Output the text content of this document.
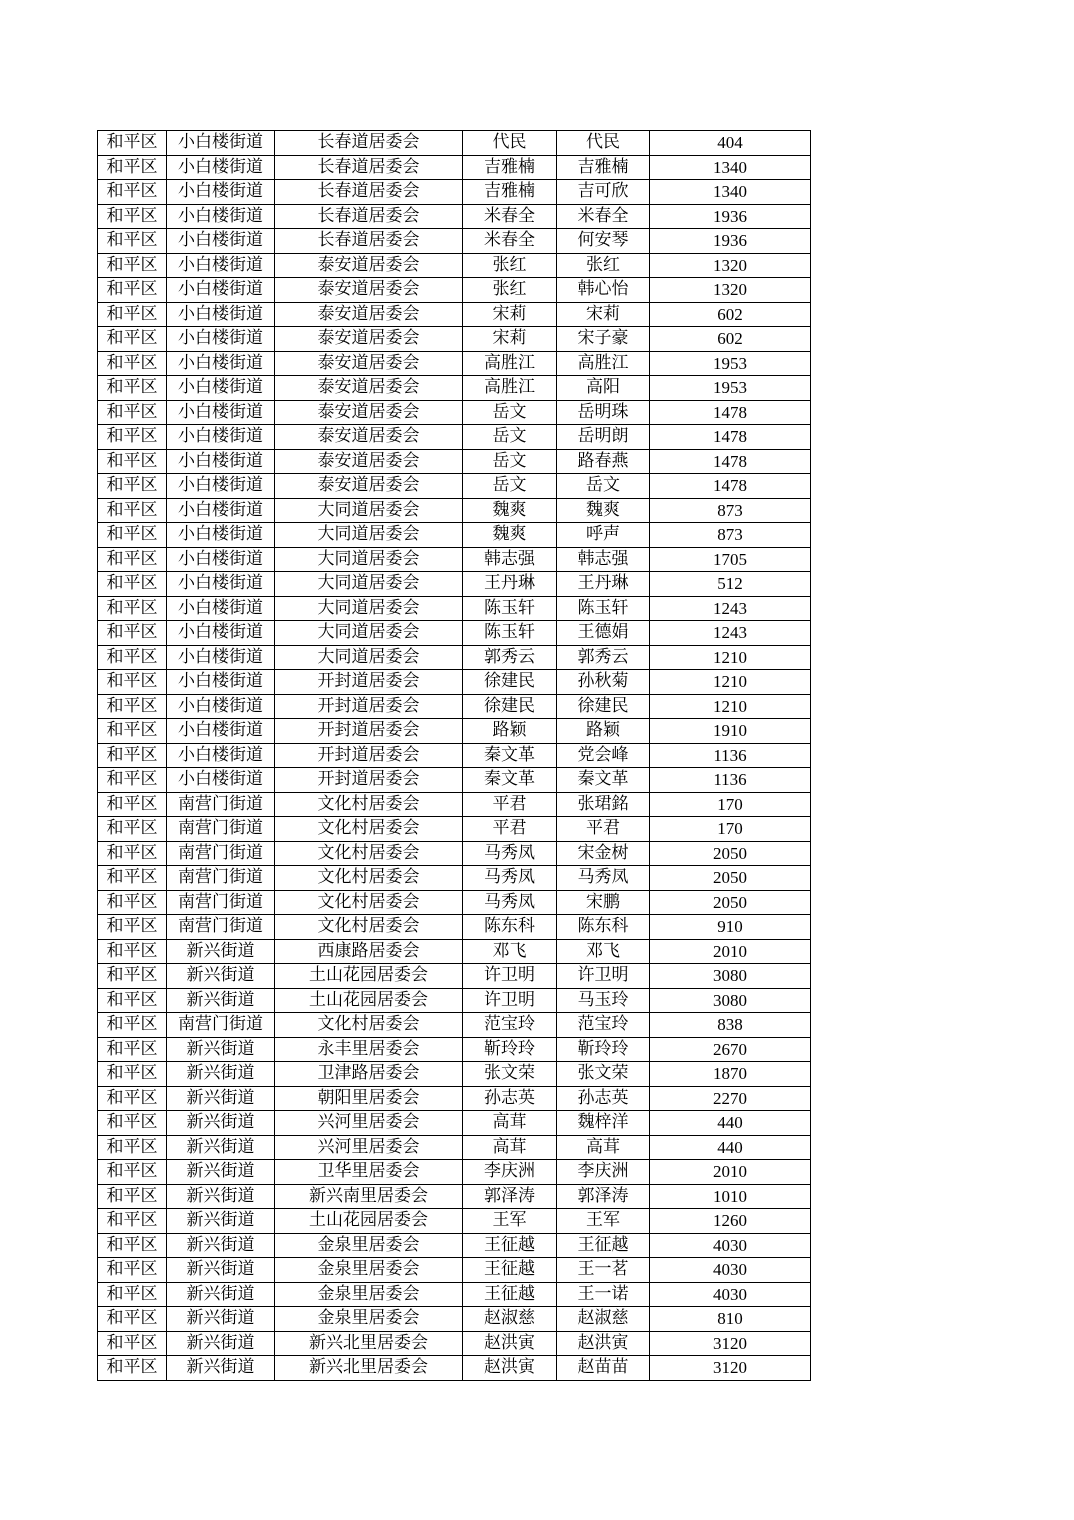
和平区	小白楼街道	长春道居委会	代民	代民	404
和平区	小白楼街道	长春道居委会	吉雅楠	吉雅楠	1340
和平区	小白楼街道	长春道居委会	吉雅楠	吉可欣	1340
和平区	小白楼街道	长春道居委会	米春全	米春全	1936
和平区	小白楼街道	长春道居委会	米春全	何安琴	1936
和平区	小白楼街道	泰安道居委会	张红	张红	1320
和平区	小白楼街道	泰安道居委会	张红	韩心怡	1320
和平区	小白楼街道	泰安道居委会	宋莉	宋莉	602
和平区	小白楼街道	泰安道居委会	宋莉	宋子豪	602
和平区	小白楼街道	泰安道居委会	高胜江	高胜江	1953
和平区	小白楼街道	泰安道居委会	高胜江	高阳	1953
和平区	小白楼街道	泰安道居委会	岳文	岳明珠	1478
和平区	小白楼街道	泰安道居委会	岳文	岳明朗	1478
和平区	小白楼街道	泰安道居委会	岳文	路春燕	1478
和平区	小白楼街道	泰安道居委会	岳文	岳文	1478
和平区	小白楼街道	大同道居委会	魏爽	魏爽	873
和平区	小白楼街道	大同道居委会	魏爽	呼声	873
和平区	小白楼街道	大同道居委会	韩志强	韩志强	1705
和平区	小白楼街道	大同道居委会	王丹琳	王丹琳	512
和平区	小白楼街道	大同道居委会	陈玉轩	陈玉轩	1243
和平区	小白楼街道	大同道居委会	陈玉轩	王德娟	1243
和平区	小白楼街道	大同道居委会	郭秀云	郭秀云	1210
和平区	小白楼街道	开封道居委会	徐建民	孙秋菊	1210
和平区	小白楼街道	开封道居委会	徐建民	徐建民	1210
和平区	小白楼街道	开封道居委会	路颖	路颖	1910
和平区	小白楼街道	开封道居委会	秦文革	党会峰	1136
和平区	小白楼街道	开封道居委会	秦文革	秦文革	1136
和平区	南营门街道	文化村居委会	平君	张珺銘	170
和平区	南营门街道	文化村居委会	平君	平君	170
和平区	南营门街道	文化村居委会	马秀凤	宋金树	2050
和平区	南营门街道	文化村居委会	马秀凤	马秀凤	2050
和平区	南营门街道	文化村居委会	马秀凤	宋鹏	2050
和平区	南营门街道	文化村居委会	陈东科	陈东科	910
和平区	新兴街道	西康路居委会	邓飞	邓飞	2010
和平区	新兴街道	土山花园居委会	许卫明	许卫明	3080
和平区	新兴街道	土山花园居委会	许卫明	马玉玲	3080
和平区	南营门街道	文化村居委会	范宝玲	范宝玲	838
和平区	新兴街道	永丰里居委会	靳玲玲	靳玲玲	2670
和平区	新兴街道	卫津路居委会	张文荣	张文荣	1870
和平区	新兴街道	朝阳里居委会	孙志英	孙志英	2270
和平区	新兴街道	兴河里居委会	高茸	魏梓洋	440
和平区	新兴街道	兴河里居委会	高茸	高茸	440
和平区	新兴街道	卫华里居委会	李庆洲	李庆洲	2010
和平区	新兴街道	新兴南里居委会	郭泽涛	郭泽涛	1010
和平区	新兴街道	土山花园居委会	王军	王军	1260
和平区	新兴街道	金泉里居委会	王征越	王征越	4030
和平区	新兴街道	金泉里居委会	王征越	王一茗	4030
和平区	新兴街道	金泉里居委会	王征越	王一诺	4030
和平区	新兴街道	金泉里居委会	赵淑慈	赵淑慈	810
和平区	新兴街道	新兴北里居委会	赵洪寅	赵洪寅	3120
和平区	新兴街道	新兴北里居委会	赵洪寅	赵苗苗	3120
